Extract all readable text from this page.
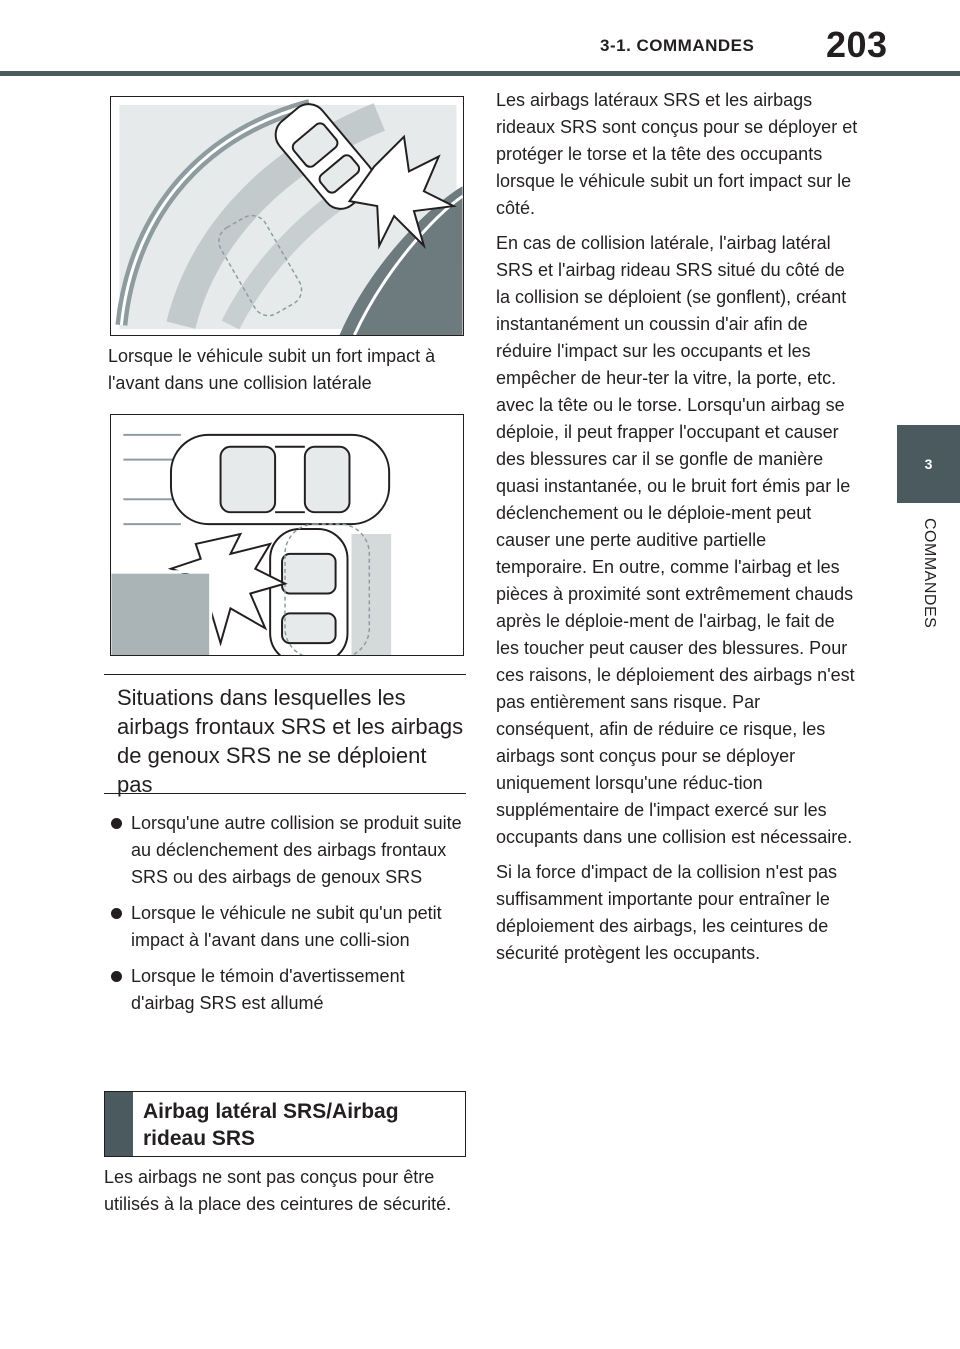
3-1. COMMANDES 203
3
COMMANDES
Lorsque le véhicule subit un fort impact à l'avant dans une collision latérale
Situations dans lesquelles les airbags frontaux SRS et les airbags de genoux SRS ne se déploient pas
Lorsqu'une autre collision se produit suite au déclenchement des airbags frontaux SRS ou des airbags de genoux SRS
Lorsque le véhicule ne subit qu'un petit impact à l'avant dans une colli-sion
Lorsque le témoin d'avertissement d'airbag SRS est allumé
Airbag latéral SRS/Airbag rideau SRS

Les airbags ne sont pas conçus pour être utilisés à la place des ceintures de sécurité.

Les airbags latéraux SRS et les airbags rideaux SRS sont conçus pour se déployer et protéger le torse et la tête des occupants lorsque le véhicule subit un fort impact sur le côté.

En cas de collision latérale, l'airbag latéral SRS et l'airbag rideau SRS situé du côté de la collision se déploient (se gonflent), créant instantanément un coussin d'air afin de réduire l'impact sur les occupants et les empêcher de heur-ter la vitre, la porte, etc. avec la tête ou le torse. Lorsqu'un airbag se déploie, il peut frapper l'occupant et causer des blessures car il se gonfle de manière quasi instantanée, ou le bruit fort émis par le déclenchement ou le déploie-ment peut causer une perte auditive partielle temporaire. En outre, comme l'airbag et les pièces à proximité sont extrêmement chauds après le déploie-ment de l'airbag, le fait de les toucher peut causer des blessures. Pour ces raisons, le déploiement des airbags n'est pas entièrement sans risque. Par conséquent, afin de réduire ce risque, les airbags sont conçus pour se déployer uniquement lorsqu'une réduc-tion supplémentaire de l'impact exercé sur les occupants dans une collision est nécessaire.

Si la force d'impact de la collision n'est pas suffisamment importante pour entraîner le déploiement des airbags, les ceintures de sécurité protègent les occupants.
